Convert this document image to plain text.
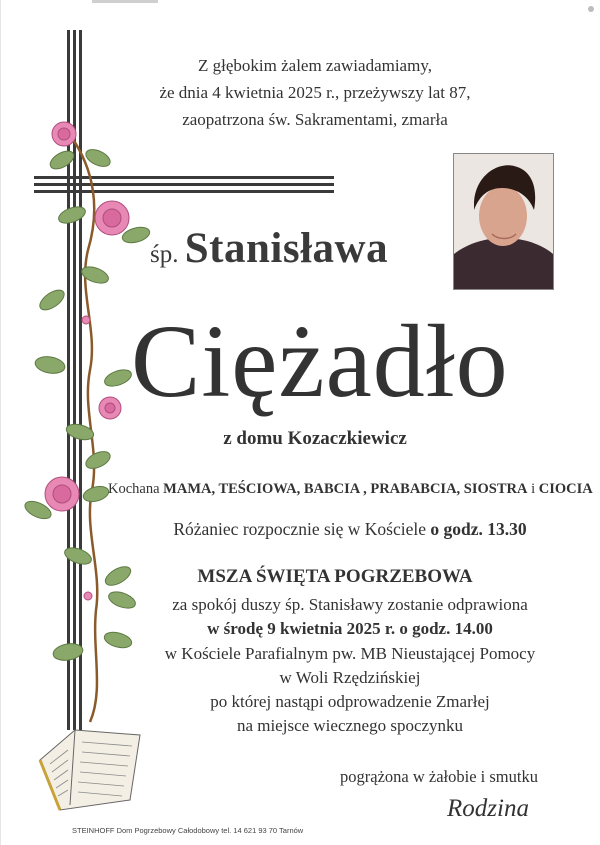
Z głębokim żalem zawiadamiamy,
że dnia 4 kwietnia 2025 r., przeżywszy lat 87,
zaopatrzona św. Sakramentami, zmarła
śp. Stanisława
Ciężadło
z domu Kozaczkiewicz
Kochana MAMA, TEŚCIOWA, BABCIA , PRABABCIA, SIOSTRA i CIOCIA
Różaniec rozpocznie się w Kościele o godz. 13.30
MSZA ŚWIĘTA POGRZEBOWA
za spokój duszy śp. Stanisławy zostanie odprawiona
w środę 9 kwietnia 2025 r. o godz. 14.00
w Kościele Parafialnym pw. MB Nieustającej Pomocy
w Woli Rzędzińskiej
po której nastąpi odprowadzenie Zmarłej
na miejsce wiecznego spoczynku
pogrążona w żałobie i smutku
Rodzina
STEINHOFF Dom Pogrzebowy Całodobowy tel. 14 621 93 70 Tarnów
